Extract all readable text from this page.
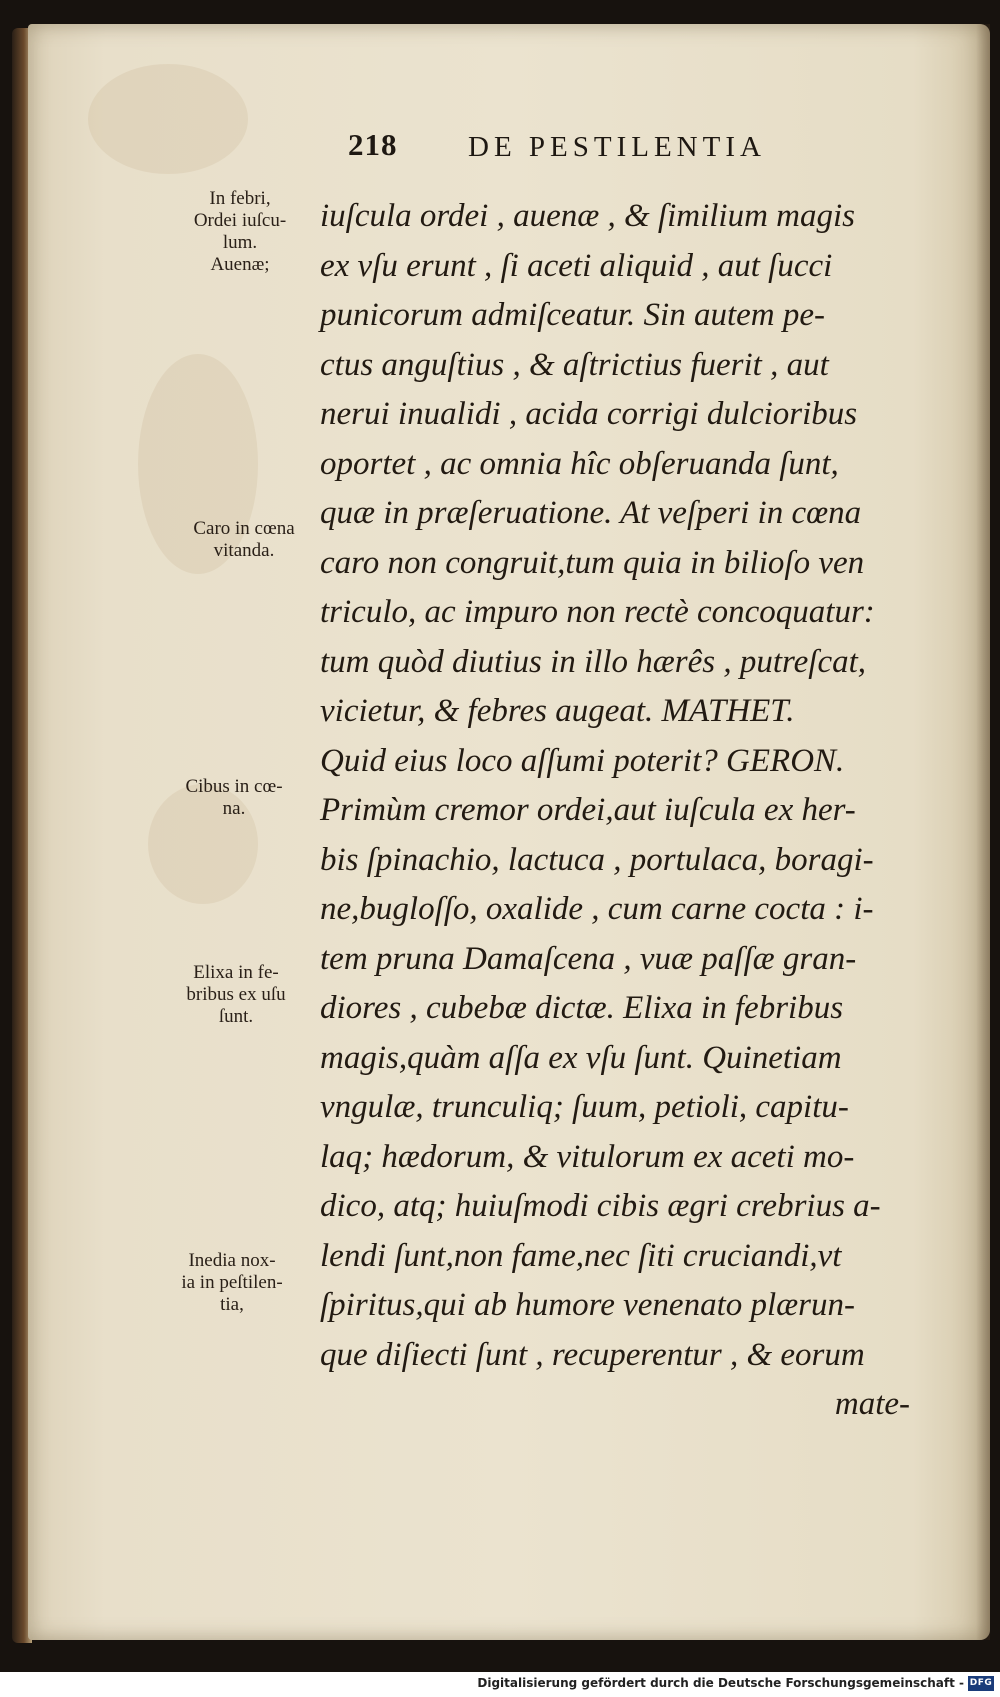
218 DE PESTILENTIA
In febri,
Ordei iuſcu-
lum.
Auenæ;
Caro in cœna
vitanda.
Cibus in cœ-
na.
Elixa in fe-
bribus ex uſu
ſunt.
Inedia nox-
ia in peſtilen-
tia,
iuſcula ordei , auenæ , & ſimilium magis
ex vſu erunt , ſi aceti aliquid , aut ſucci
punicorum admiſceatur. Sin autem pe-
ctus anguſtius , & aſtrictius fuerit , aut
nerui inualidi , acida corrigi dulcioribus
oportet , ac omnia hîc obſeruanda ſunt,
quæ in præſeruatione. At veſperi in cœna
caro non congruit,tum quia in bilioſo ven
triculo, ac impuro non rectè concoquatur:
tum quòd diutius in illo hærês , putreſcat,
vicietur, & febres augeat. MATHET.
Quid eius loco aſſumi poterit? GERON.
Primùm cremor ordei,aut iuſcula ex her-
bis ſpinachio, lactuca , portulaca, boragi-
ne,bugloſſo, oxalide , cum carne cocta : i-
tem pruna Damaſcena , vuæ paſſæ gran-
diores , cubebæ dictæ. Elixa in febribus
magis,quàm aſſa ex vſu ſunt. Quinetiam
vngulæ, trunculiq; ſuum, petioli, capitu-
laq; hædorum, & vitulorum ex aceti mo-
dico, atq; huiuſmodi cibis ægri crebrius a-
lendi ſunt,non fame,nec ſiti cruciandi,vt
ſpiritus,qui ab humore venenato plærun-
que diſiecti ſunt , recuperentur , & eorum
mate-
Digitalisierung gefördert durch die Deutsche Forschungsgemeinschaft - DFG
